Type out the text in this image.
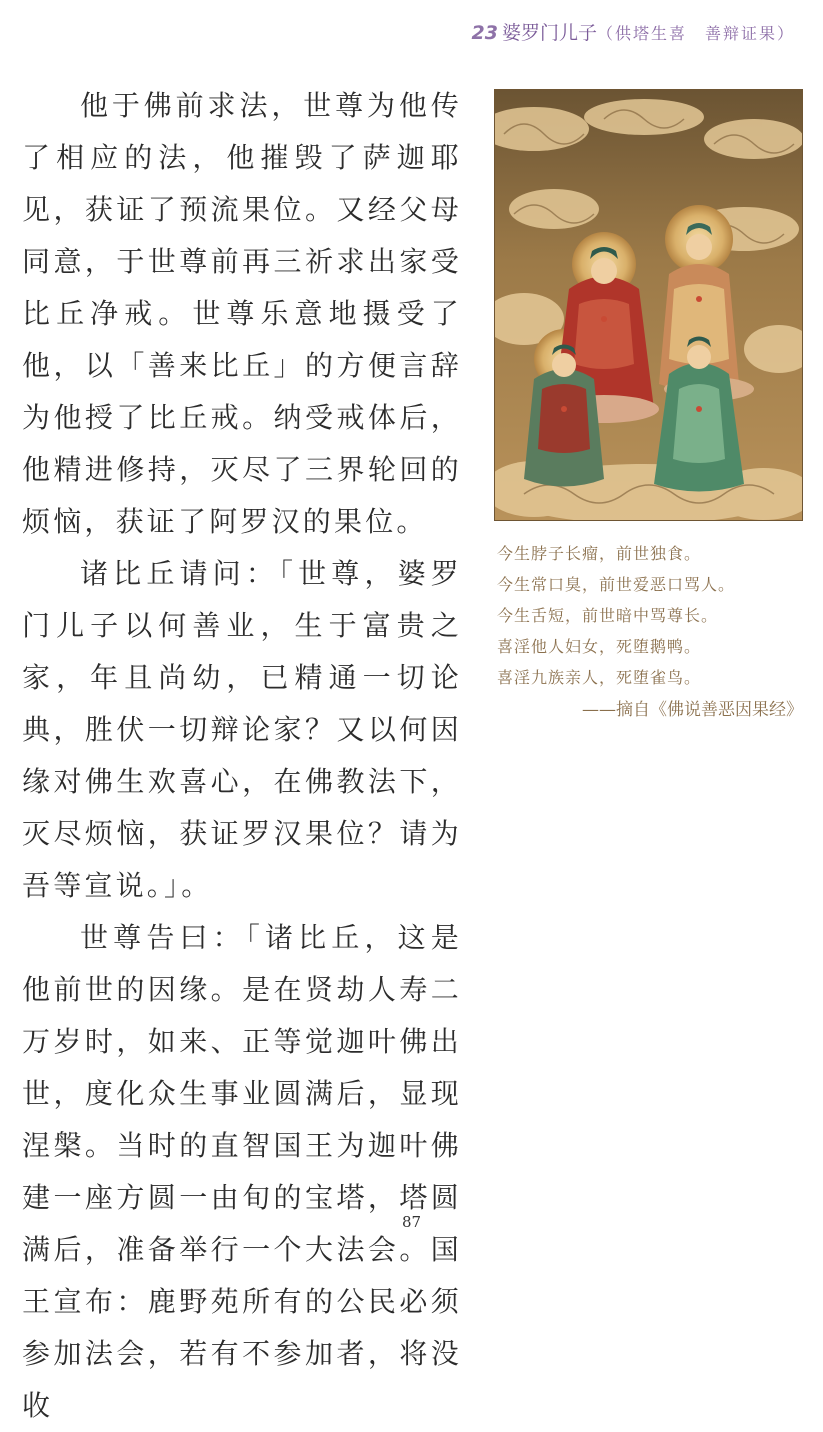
23 婆罗门儿子（供塔生喜　善辩证果）

他于佛前求法，世尊为他传了相应的法，他摧毁了萨迦耶见，获证了预流果位。又经父母同意，于世尊前再三祈求出家受比丘净戒。世尊乐意地摄受了他，以「善来比丘」的方便言辞为他授了比丘戒。纳受戒体后，他精进修持，灭尽了三界轮回的烦恼，获证了阿罗汉的果位。

诸比丘请问：「世尊，婆罗门儿子以何善业，生于富贵之家，年且尚幼，已精通一切论典，胜伏一切辩论家？又以何因缘对佛生欢喜心，在佛教法下，灭尽烦恼，获证罗汉果位？请为吾等宣说。」。

世尊告曰：「诸比丘，这是他前世的因缘。是在贤劫人寿二万岁时，如来、正等觉迦叶佛出世，度化众生事业圆满后，显现涅槃。当时的直智国王为迦叶佛建一座方圆一由旬的宝塔，塔圆满后，准备举行一个大法会。国王宣布：鹿野苑所有的公民必须参加法会，若有不参加者，将没收

今生脖子长瘤，前世独食。
今生常口臭，前世爱恶口骂人。
今生舌短，前世暗中骂尊长。
喜淫他人妇女，死堕鹅鸭。
喜淫九族亲人，死堕雀鸟。
——摘自《佛说善恶因果经》
87
